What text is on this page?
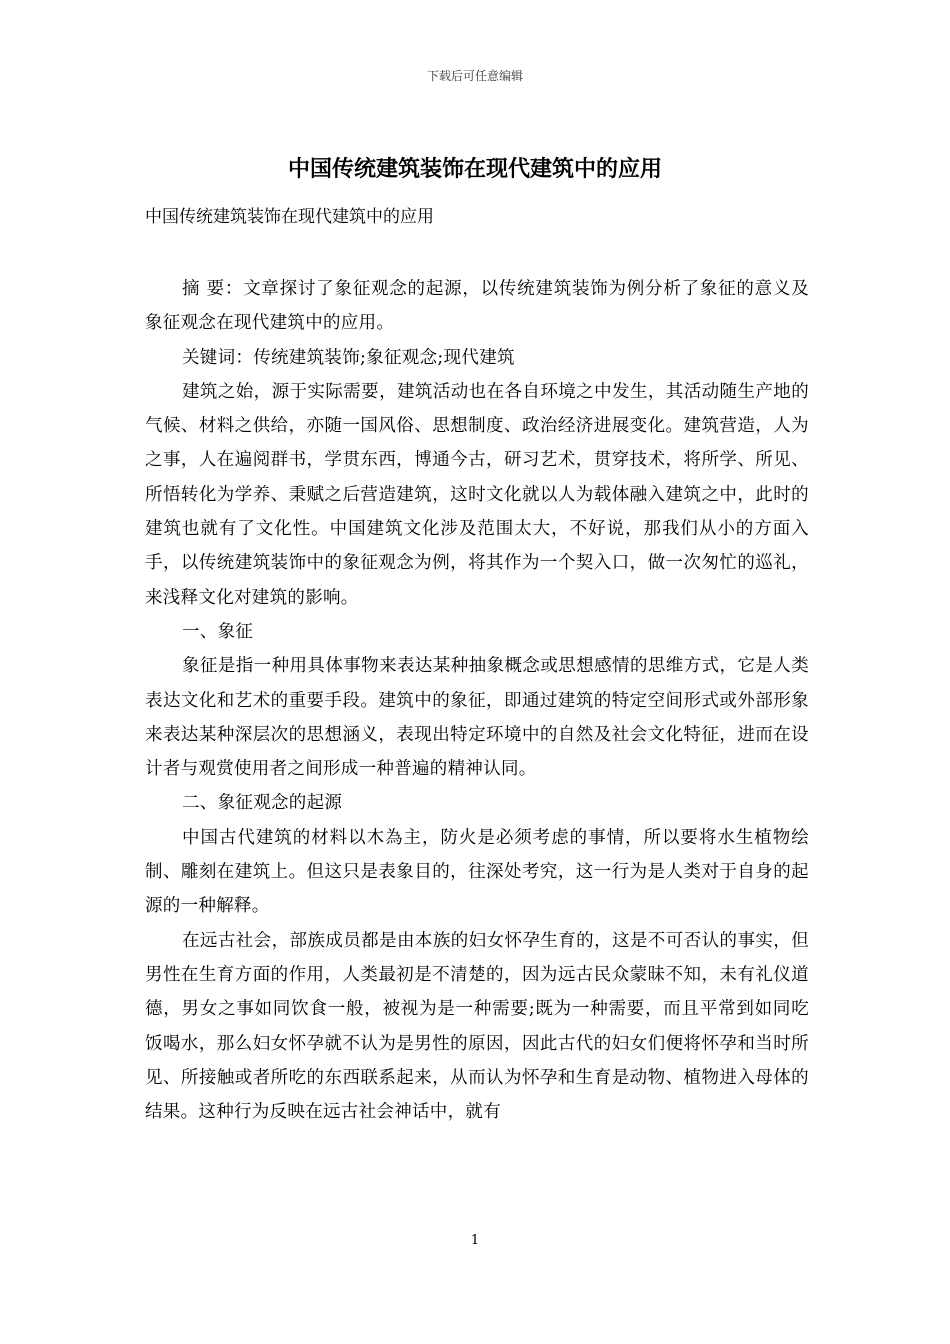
下载后可任意编辑
中国传统建筑装饰在现代建筑中的应用
中国传统建筑装饰在现代建筑中的应用

摘 要：文章探讨了象征观念的起源，以传统建筑装饰为例分析了象征的意义及象征观念在现代建筑中的应用。

关键词：传统建筑装饰;象征观念;现代建筑

建筑之始，源于实际需要，建筑活动也在各自环境之中发生，其活动随生产地的气候、材料之供给，亦随一国风俗、思想制度、政治经济进展变化。建筑营造，人为之事，人在遍阅群书，学贯东西，博通今古，研习艺术，贯穿技术，将所学、所见、所悟转化为学养、秉赋之后营造建筑，这时文化就以人为载体融入建筑之中，此时的建筑也就有了文化性。中国建筑文化涉及范围太大，不好说，那我们从小的方面入手，以传统建筑装饰中的象征观念为例，将其作为一个契入口，做一次匆忙的巡礼，来浅释文化对建筑的影响。

一、象征

象征是指一种用具体事物来表达某种抽象概念或思想感情的思维方式，它是人类表达文化和艺术的重要手段。建筑中的象征，即通过建筑的特定空间形式或外部形象来表达某种深层次的思想涵义，表现出特定环境中的自然及社会文化特征，进而在设计者与观赏使用者之间形成一种普遍的精神认同。

二、象征观念的起源

中国古代建筑的材料以木為主，防火是必须考虑的事情，所以要将水生植物绘制、雕刻在建筑上。但这只是表象目的，往深处考究，这一行为是人类对于自身的起源的一种解释。

在远古社会，部族成员都是由本族的妇女怀孕生育的，这是不可否认的事实，但男性在生育方面的作用，人类最初是不清楚的，因为远古民众蒙昧不知，未有礼仪道德，男女之事如同饮食一般，被视为是一种需要;既为一种需要，而且平常到如同吃饭喝水，那么妇女怀孕就不认为是男性的原因，因此古代的妇女们便将怀孕和当时所见、所接触或者所吃的东西联系起来，从而认为怀孕和生育是动物、植物进入母体的结果。这种行为反映在远古社会神话中，就有

1
